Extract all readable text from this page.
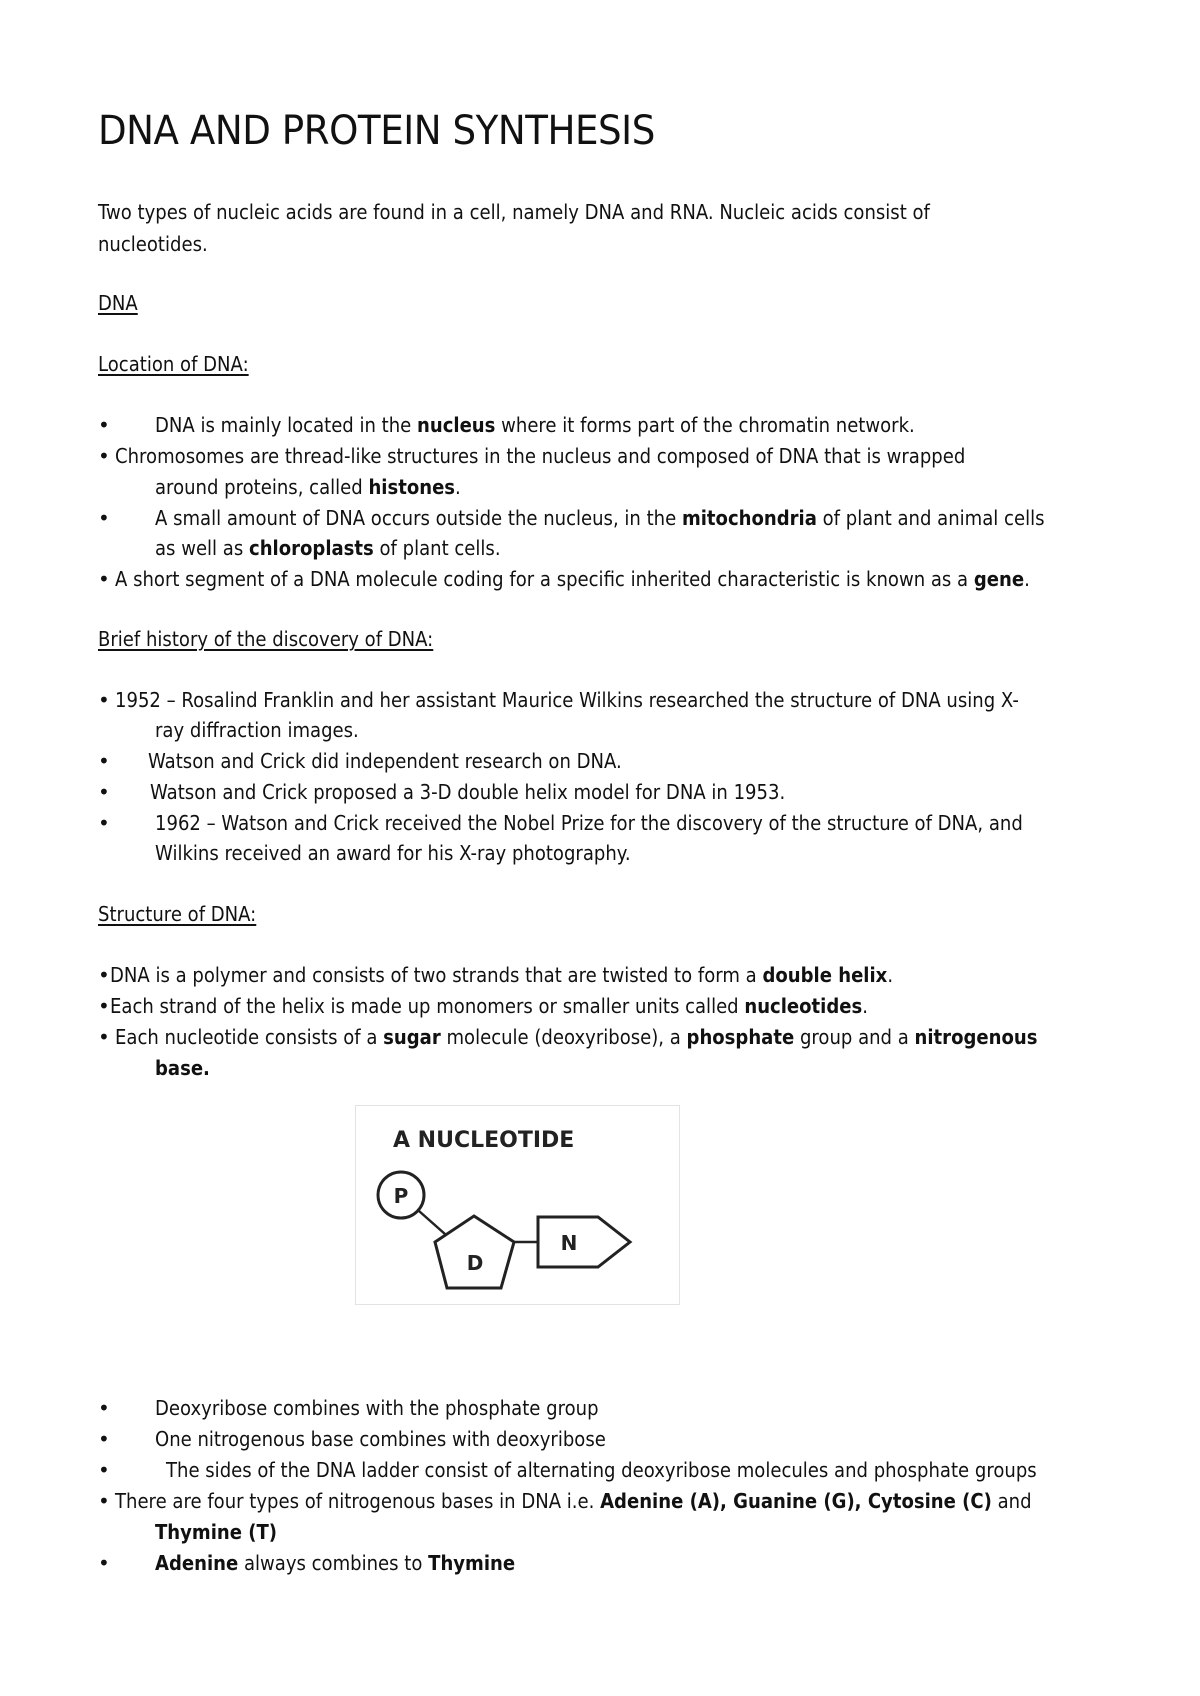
DNA AND PROTEIN SYNTHESIS
Two types of nucleic acids are found in a cell, namely DNA and RNA. Nucleic acids consist of
nucleotides.
DNA
Location of DNA:
• DNA is mainly located in the nucleus where it forms part of the chromatin network.
• Chromosomes are thread-like structures in the nucleus and composed of DNA that is wrapped
around proteins, called histones.
• A small amount of DNA occurs outside the nucleus, in the mitochondria of plant and animal cells
as well as chloroplasts of plant cells.
• A short segment of a DNA molecule coding for a specific inherited characteristic is known as a gene.
Brief history of the discovery of DNA:
• 1952 – Rosalind Franklin and her assistant Maurice Wilkins researched the structure of DNA using X-
ray diffraction images.
• Watson and Crick did independent research on DNA.
• Watson and Crick proposed a 3-D double helix model for DNA in 1953.
• 1962 – Watson and Crick received the Nobel Prize for the discovery of the structure of DNA, and
Wilkins received an award for his X-ray photography.
Structure of DNA:
• DNA is a polymer and consists of two strands that are twisted to form a double helix.
• Each strand of the helix is made up monomers or smaller units called nucleotides.
• Each nucleotide consists of a sugar molecule (deoxyribose), a phosphate group and a nitrogenous
base.
A NUCLEOTIDE
P
D
N
• Deoxyribose combines with the phosphate group
• One nitrogenous base combines with deoxyribose
•	The sides of the DNA ladder consist of alternating deoxyribose molecules and phosphate groups
• There are four types of nitrogenous bases in DNA i.e. Adenine (A), Guanine (G), Cytosine (C) and
Thymine (T)
• Adenine always combines to Thymine
